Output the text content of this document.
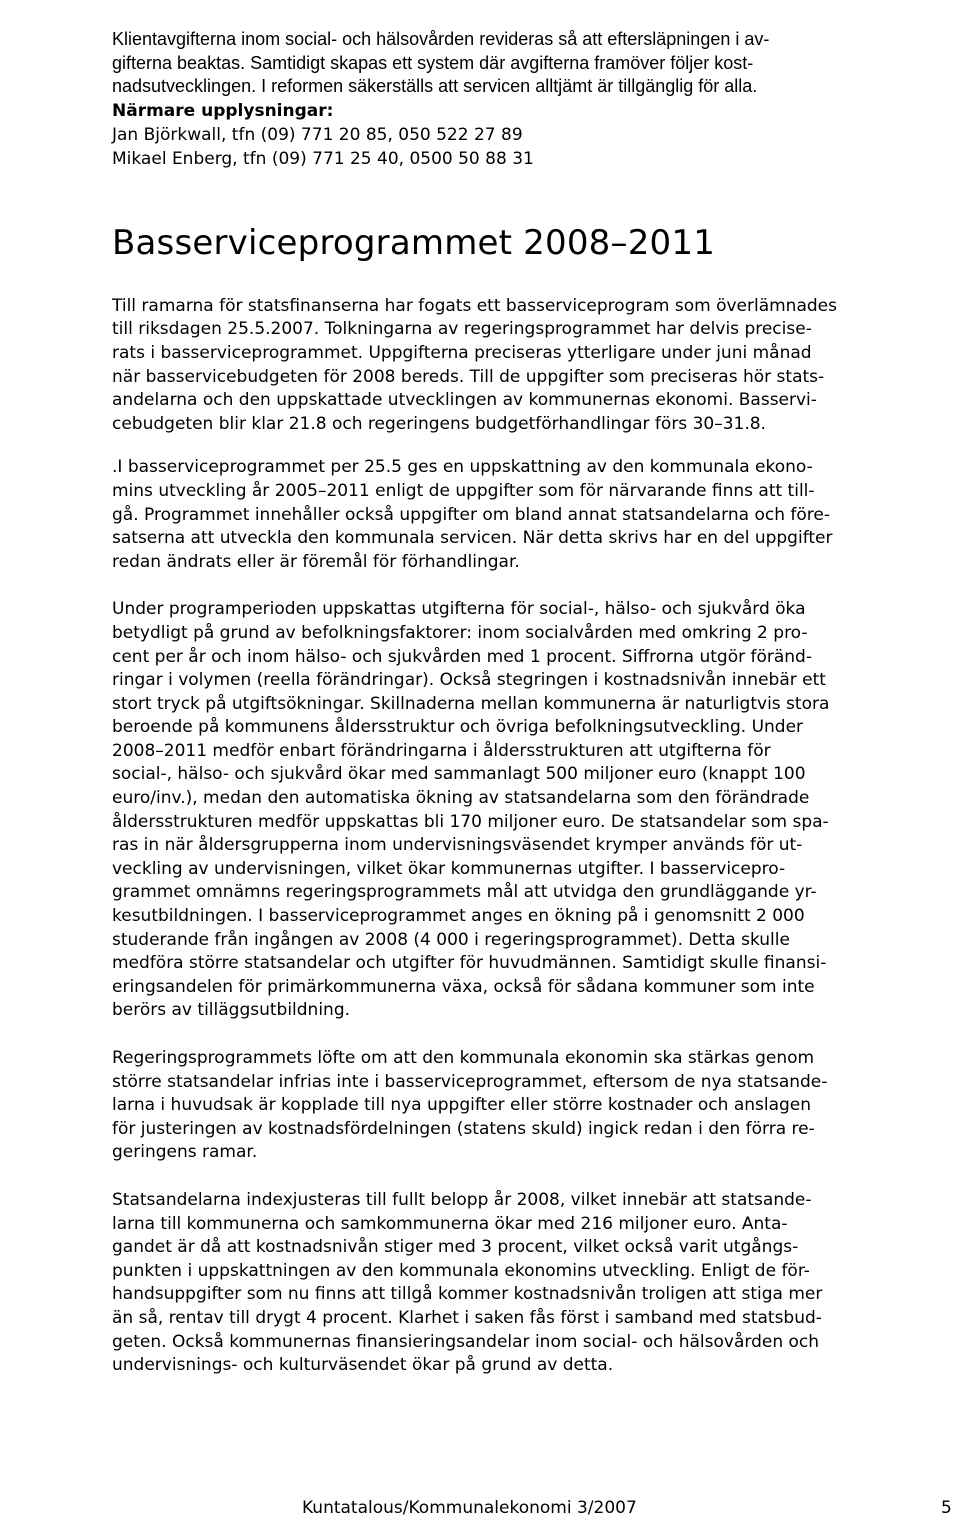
Klientavgifterna inom social- och hälsovården revideras så att eftersläpningen i av-
gifterna beaktas. Samtidigt skapas ett system där avgifterna framöver följer kost-
nadsutvecklingen. I reformen säkerställs att servicen alltjämt är tillgänglig för alla.

Närmare upplysningar:
Jan Björkwall, tfn (09) 771 20 85, 050 522 27 89
Mikael Enberg, tfn (09) 771 25 40, 0500 50 88 31
Basserviceprogrammet 2008–2011

Till ramarna för statsfinanserna har fogats ett basserviceprogram som överlämnades
till riksdagen 25.5.2007. Tolkningarna av regeringsprogrammet har delvis precise-
rats i basserviceprogrammet. Uppgifterna preciseras ytterligare under juni månad
när basservicebudgeten för 2008 bereds. Till de uppgifter som preciseras hör stats-
andelarna och den uppskattade utvecklingen av kommunernas ekonomi. Basservi-
cebudgeten blir klar 21.8 och regeringens budgetförhandlingar förs 30–31.8.

.I basserviceprogrammet per 25.5 ges en uppskattning av den kommunala ekono-
mins utveckling år 2005–2011 enligt de uppgifter som för närvarande finns att till-
gå. Programmet innehåller också uppgifter om bland annat statsandelarna och före-
satserna att utveckla den kommunala servicen. När detta skrivs har en del uppgifter
redan ändrats eller är föremål för förhandlingar.

Under programperioden uppskattas utgifterna för social-, hälso- och sjukvård öka
betydligt på grund av befolkningsfaktorer: inom socialvården med omkring 2 pro-
cent per år och inom hälso- och sjukvården med 1 procent. Siffrorna utgör föränd-
ringar i volymen (reella förändringar). Också stegringen i kostnadsnivån innebär ett
stort tryck på utgiftsökningar. Skillnaderna mellan kommunerna är naturligtvis stora
beroende på kommunens åldersstruktur och övriga befolkningsutveckling. Under
2008–2011 medför enbart förändringarna i åldersstrukturen att utgifterna för
social-, hälso- och sjukvård ökar med sammanlagt 500 miljoner euro (knappt 100
euro/inv.), medan den automatiska ökning av statsandelarna som den förändrade
åldersstrukturen medför uppskattas bli 170 miljoner euro. De statsandelar som spa-
ras in när åldersgrupperna inom undervisningsväsendet krymper används för ut-
veckling av undervisningen, vilket ökar kommunernas utgifter. I basservicepro-
grammet omnämns regeringsprogrammets mål att utvidga den grundläggande yr-
kesutbildningen. I basserviceprogrammet anges en ökning på i genomsnitt 2 000
studerande från ingången av 2008 (4 000 i regeringsprogrammet). Detta skulle
medföra större statsandelar och utgifter för huvudmännen. Samtidigt skulle finansi-
eringsandelen för primärkommunerna växa, också för sådana kommuner som inte
berörs av tilläggsutbildning.

Regeringsprogrammets löfte om att den kommunala ekonomin ska stärkas genom
större statsandelar infrias inte i basserviceprogrammet, eftersom de nya statsande-
larna i huvudsak är kopplade till nya uppgifter eller större kostnader och anslagen
för justeringen av kostnadsfördelningen (statens skuld) ingick redan i den förra re-
geringens ramar.

Statsandelarna indexjusteras till fullt belopp år 2008, vilket innebär att statsande-
larna till kommunerna och samkommunerna ökar med 216 miljoner euro. Anta-
gandet är då att kostnadsnivån stiger med 3 procent, vilket också varit utgångs-
punkten i uppskattningen av den kommunala ekonomins utveckling. Enligt de för-
handsuppgifter som nu finns att tillgå kommer kostnadsnivån troligen att stiga mer
än så, rentav till drygt 4 procent. Klarhet i saken fås först i samband med statsbud-
geten. Också kommunernas finansieringsandelar inom social- och hälsovården och
undervisnings- och kulturväsendet ökar på grund av detta.

Kuntatalous/Kommunalekonomi 3/2007	5
